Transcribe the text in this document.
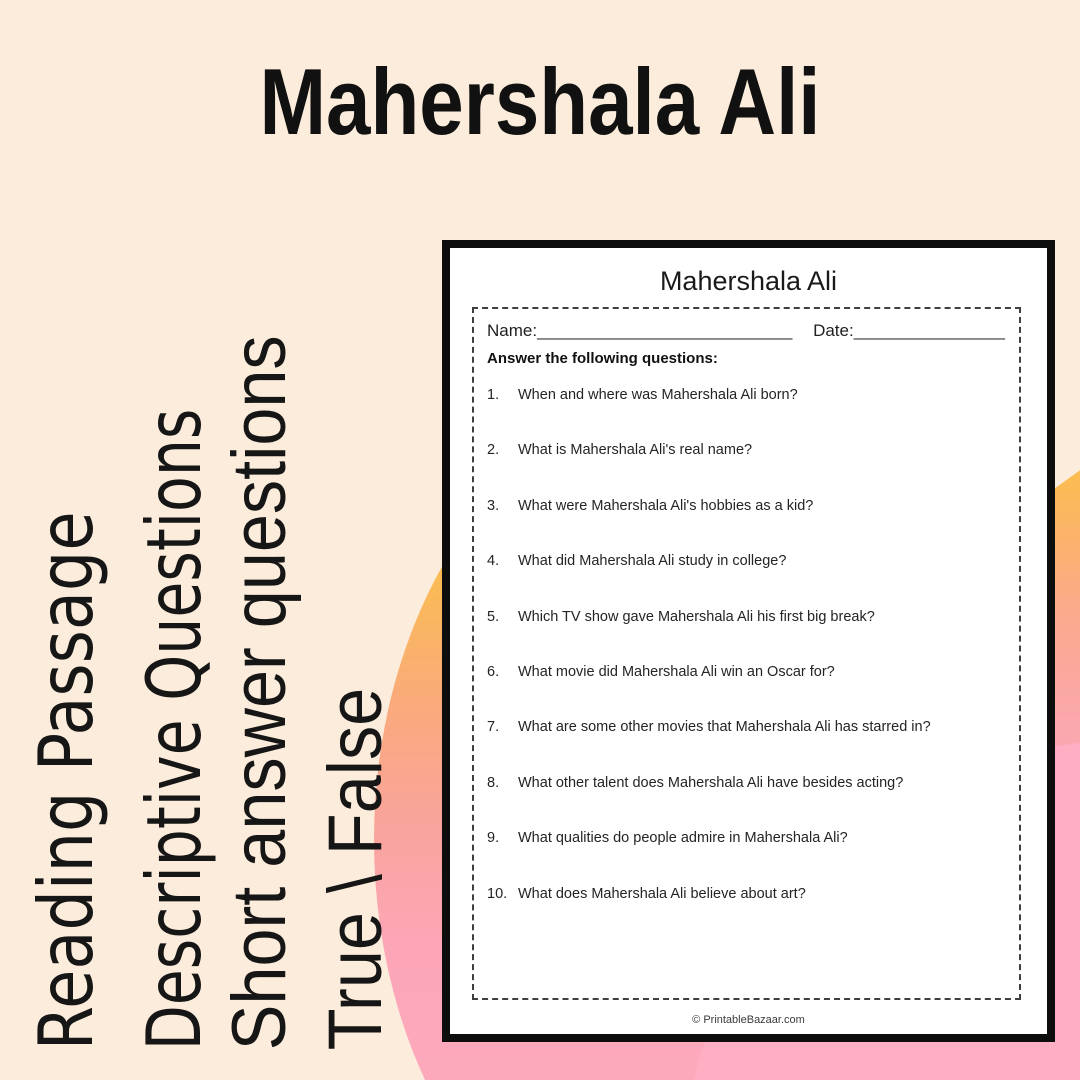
Mahershala Ali
Reading Passage Descriptive Questions Short answer questions True \ False
Mahershala Ali
Name:___________________________ Date:________________
Answer the following questions:
1.	When and where was Mahershala Ali born?
2.	What is Mahershala Ali's real name?
3.	What were Mahershala Ali's hobbies as a kid?
4.	What did Mahershala Ali study in college?
5.	Which TV show gave Mahershala Ali his first big break?
6.	What movie did Mahershala Ali win an Oscar for?
7.	What are some other movies that Mahershala Ali has starred in?
8.	What other talent does Mahershala Ali have besides acting?
9.	What qualities do people admire in Mahershala Ali?
10. What does Mahershala Ali believe about art?
© PrintableBazaar.com
